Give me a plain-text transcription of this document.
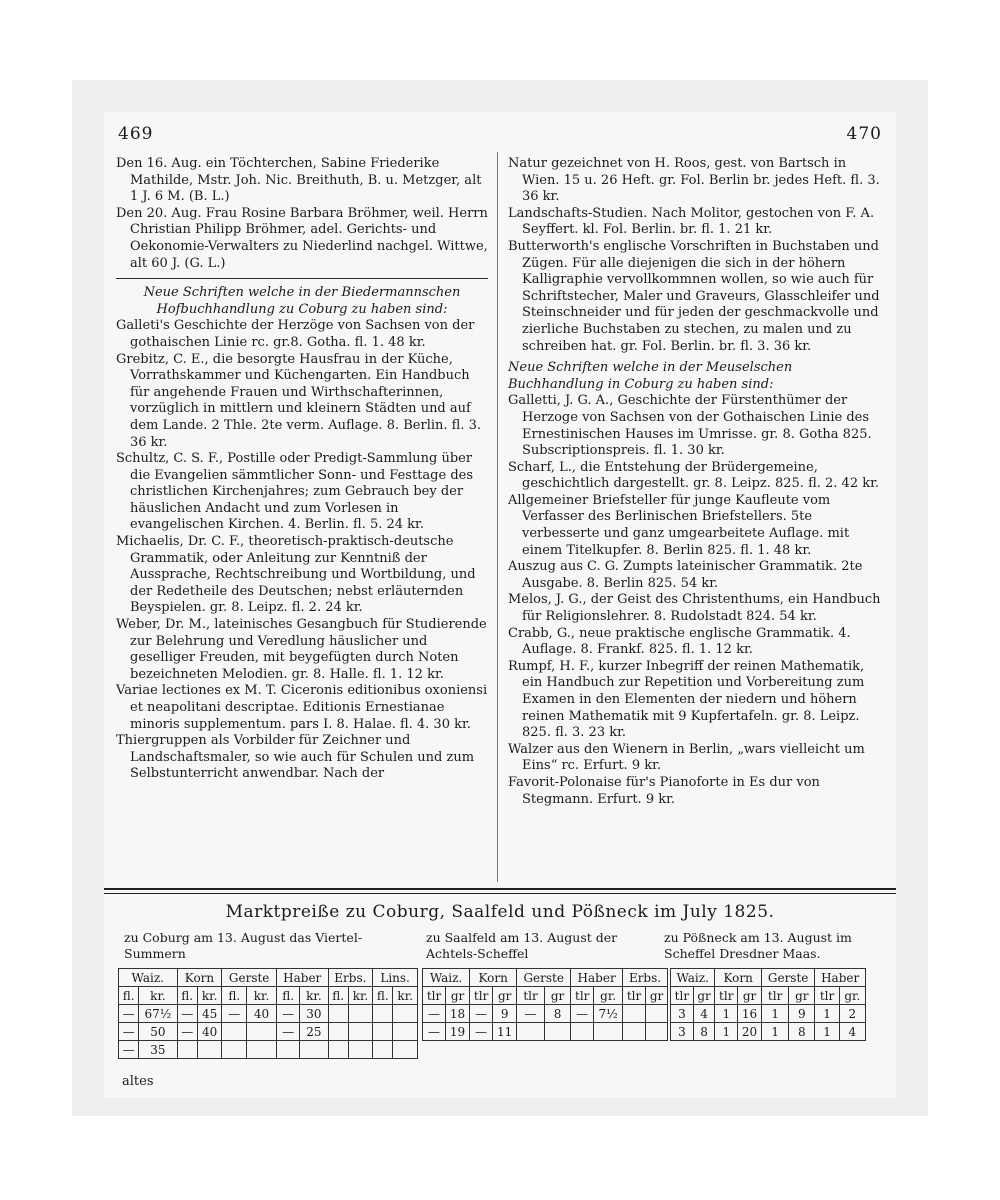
469	470

Den 16. Aug. ein Töchterchen, Sabine Friederike Mathilde, Mstr. Joh. Nic. Breithuth, B. u. Metzger, alt 1 J. 6 M. (B. L.)

Den 20. Aug. Frau Rosine Barbara Bröhmer, weil. Herrn Christian Philipp Bröhmer, adel. Gerichts- und Oekonomie-Verwalters zu Niederlind nachgel. Wittwe, alt 60 J. (G. L.)

Neue Schriften welche in der Biedermannschen Hofbuchhandlung zu Coburg zu haben sind:

Galleti's Geschichte der Herzöge von Sachsen von der gothaischen Linie rc. gr.8. Gotha. fl. 1. 48 kr.

Grebitz, C. E., die besorgte Hausfrau in der Küche, Vorrathskammer und Küchengarten. Ein Handbuch für angehende Frauen und Wirthschafterinnen, vorzüglich in mittlern und kleinern Städten und auf dem Lande. 2 Thle. 2te verm. Auflage. 8. Berlin. fl. 3. 36 kr.

Schultz, C. S. F., Postille oder Predigt-Sammlung über die Evangelien sämmtlicher Sonn- und Festtage des christlichen Kirchenjahres; zum Gebrauch bey der häuslichen Andacht und zum Vorlesen in evangelischen Kirchen. 4. Berlin. fl. 5. 24 kr.

Michaelis, Dr. C. F., theoretisch-praktisch-deutsche Grammatik, oder Anleitung zur Kenntniß der Aussprache, Rechtschreibung und Wortbildung, und der Redetheile des Deutschen; nebst erläuternden Beyspielen. gr. 8. Leipz. fl. 2. 24 kr.

Weber, Dr. M., lateinisches Gesangbuch für Studierende zur Belehrung und Veredlung häuslicher und geselliger Freuden, mit beygefügten durch Noten bezeichneten Melodien. gr. 8. Halle. fl. 1. 12 kr.

Variae lectiones ex M. T. Ciceronis editionibus oxoniensi et neapolitani descriptae. Editionis Ernestianae minoris supplementum. pars I. 8. Halae. fl. 4. 30 kr.

Thiergruppen als Vorbilder für Zeichner und Landschaftsmaler, so wie auch für Schulen und zum Selbstunterricht anwendbar. Nach der

Natur gezeichnet von H. Roos, gest. von Bartsch in Wien. 15 u. 26 Heft. gr. Fol. Berlin br. jedes Heft. fl. 3. 36 kr.

Landschafts-Studien. Nach Molitor, gestochen von F. A. Seyffert. kl. Fol. Berlin. br. fl. 1. 21 kr.

Butterworth's englische Vorschriften in Buchstaben und Zügen. Für alle diejenigen die sich in der höhern Kalligraphie vervollkommnen wollen, so wie auch für Schriftstecher, Maler und Graveurs, Glasschleifer und Steinschneider und für jeden der geschmackvolle und zierliche Buchstaben zu stechen, zu malen und zu schreiben hat. gr. Fol. Berlin. br. fl. 3. 36 kr.

Neue Schriften welche in der Meuselschen Buchhandlung in Coburg zu haben sind:

Galletti, J. G. A., Geschichte der Fürstenthümer der Herzoge von Sachsen von der Gothaischen Linie des Ernestinischen Hauses im Umrisse. gr. 8. Gotha 825. Subscriptionspreis. fl. 1. 30 kr.

Scharf, L., die Entstehung der Brüdergemeine, geschichtlich dargestellt. gr. 8. Leipz. 825. fl. 2. 42 kr.

Allgemeiner Briefsteller für junge Kaufleute vom Verfasser des Berlinischen Briefstellers. 5te verbesserte und ganz umgearbeitete Auflage. mit einem Titelkupfer. 8. Berlin 825. fl. 1. 48 kr.

Auszug aus C. G. Zumpts lateinischer Grammatik. 2te Ausgabe. 8. Berlin 825. 54 kr.

Melos, J. G., der Geist des Christenthums, ein Handbuch für Religionslehrer. 8. Rudolstadt 824. 54 kr.

Crabb, G., neue praktische englische Grammatik. 4. Auflage. 8. Frankf. 825. fl. 1. 12 kr.

Rumpf, H. F., kurzer Inbegriff der reinen Mathematik, ein Handbuch zur Repetition und Vorbereitung zum Examen in den Elementen der niedern und höhern reinen Mathematik mit 9 Kupfertafeln. gr. 8. Leipz. 825. fl. 3. 23 kr.

Walzer aus den Wienern in Berlin, „wars vielleicht um Eins“ rc. Erfurt. 9 kr.

Favorit-Polonaise für's Pianoforte in Es dur von Stegmann. Erfurt. 9 kr.

Marktpreiße zu Coburg, Saalfeld und Pößneck im July 1825.
zu Coburg am 13. August das Viertel-Summern
zu Saalfeld am 13. August der Achtels-Scheffel
zu Pößneck am 13. August im Scheffel Dresdner Maas.
Waiz.		Korn		Gerste		Haber		Erbs.		Lins.	
fl.	kr.	fl.	kr.	fl.	kr.	fl.	kr.	fl.	kr.	fl.	kr.
—	67½	—	45	—	40	—	30				
—	50	—	40			—	25				
—	35										
Waiz.		Korn		Gerste		Haber		Erbs.	
tlr	gr	tlr	gr	tlr	gr	tlr	gr.	tlr	gr
—	18	—	9	—	8	—	7½		
—	19	—	11						
Waiz.		Korn		Gerste		Haber	
tlr	gr	tlr	gr	tlr	gr	tlr	gr.
3	4	1	16	1	9	1	2
3	8	1	20	1	8	1	4
altes
